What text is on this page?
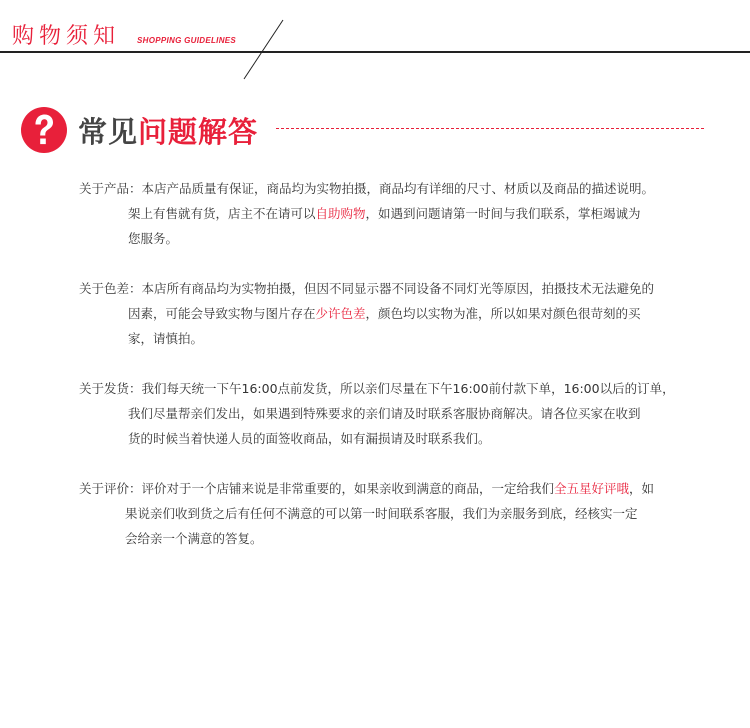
购物须知 SHOPPING GUIDELINES
常见问题解答
关于产品：本店产品质量有保证，商品均为实物拍摄，商品均有详细的尺寸、材质以及商品的描述说明。
架上有售就有货，店主不在请可以自助购物，如遇到问题请第一时间与我们联系，掌柜竭诚为
您服务。
关于色差：本店所有商品均为实物拍摄，但因不同显示器不同设备不同灯光等原因，拍摄技术无法避免的
因素，可能会导致实物与图片存在少许色差，颜色均以实物为准，所以如果对颜色很苛刻的买
家，请慎拍。
关于发货：我们每天统一下午16:00点前发货，所以亲们尽量在下午16:00前付款下单，16:00以后的订单，
我们尽量帮亲们发出，如果遇到特殊要求的亲们请及时联系客服协商解决。请各位买家在收到
货的时候当着快递人员的面签收商品，如有漏损请及时联系我们。
关于评价：评价对于一个店铺来说是非常重要的，如果亲收到满意的商品，一定给我们全五星好评哦，如
果说亲们收到货之后有任何不满意的可以第一时间联系客服，我们为亲服务到底，经核实一定
会给亲一个满意的答复。
